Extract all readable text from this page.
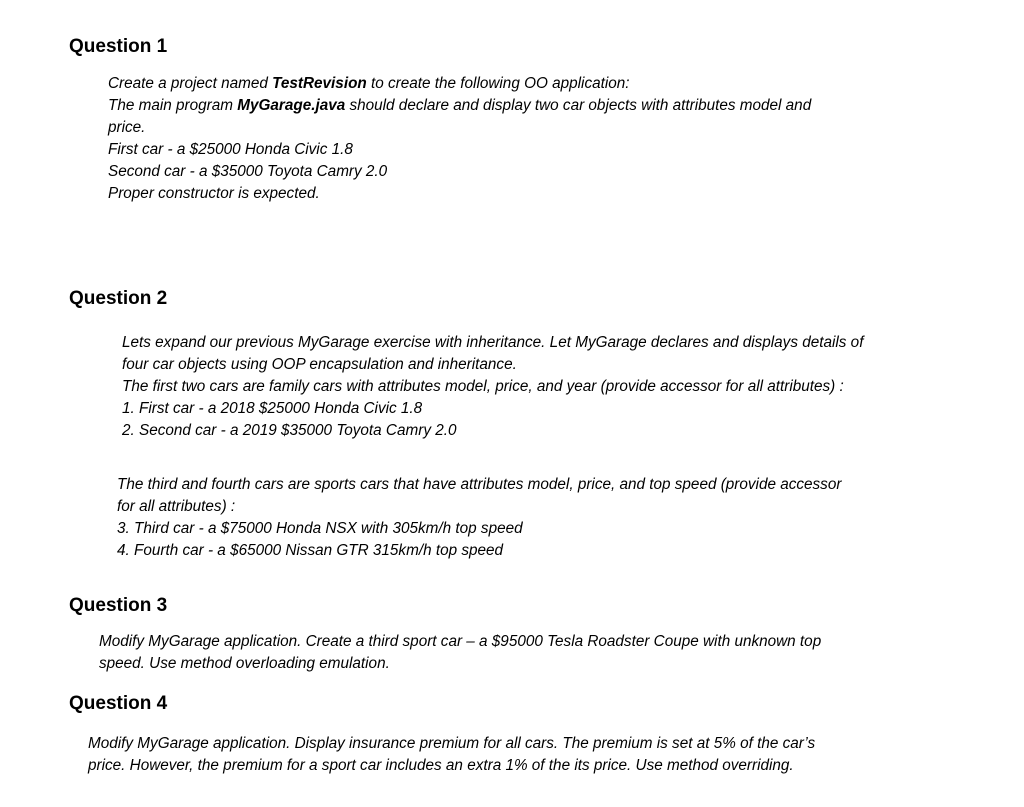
Question 1
Create a project named TestRevision to create the following OO application:
The main program MyGarage.java should declare and display two car objects with attributes model and
price.
First car - a $25000 Honda Civic 1.8
Second car - a $35000 Toyota Camry 2.0
Proper constructor is expected.
Question 2
Lets expand our previous MyGarage exercise with inheritance. Let MyGarage declares and displays details of
four car objects using OOP encapsulation and inheritance.
The first two cars are family cars with attributes model, price, and year (provide accessor for all attributes) :
1. First car - a 2018 $25000 Honda Civic 1.8
2. Second car - a 2019 $35000 Toyota Camry 2.0
The third and fourth cars are sports cars that have attributes model, price, and top speed (provide accessor
for all attributes) :
3. Third car - a $75000 Honda NSX with 305km/h top speed
4. Fourth car - a $65000 Nissan GTR 315km/h top speed
Question 3
Modify MyGarage application. Create a third sport car – a $95000 Tesla Roadster Coupe with unknown top
speed. Use method overloading emulation.
Question 4
Modify MyGarage application. Display insurance premium for all cars. The premium is set at 5% of the car’s
price. However, the premium for a sport car includes an extra 1% of the its price. Use method overriding.
